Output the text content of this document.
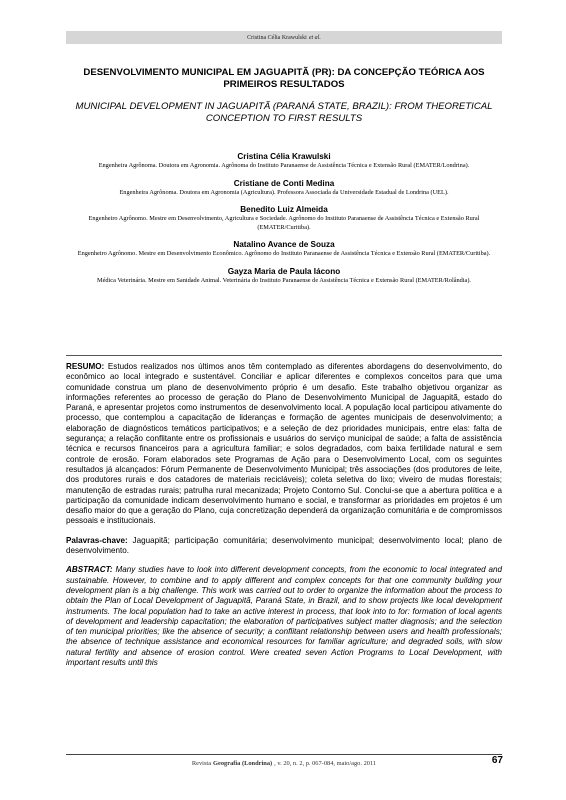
Cristina Célia Krawulski et al.
DESENVOLVIMENTO MUNICIPAL EM JAGUAPITÃ (PR): DA CONCEPÇÃO TEÓRICA AOS PRIMEIROS RESULTADOS
MUNICIPAL DEVELOPMENT IN JAGUAPITÃ (PARANÁ STATE, BRAZIL): FROM THEORETICAL CONCEPTION TO FIRST RESULTS
Cristina Célia Krawulski
Engenheira Agrônoma. Doutora em Agronomia. Agrônoma do Instituto Paranaense de Assistência Técnica e Extensão Rural (EMATER/Londrina).
Cristiane de Conti Medina
Engenheira Agrônoma. Doutora em Agronomia (Agricultura). Professora Associada da Universidade Estadual de Londrina (UEL).
Benedito Luiz Almeida
Engenheiro Agrônomo. Mestre em Desenvolvimento, Agricultura e Sociedade. Agrônomo do Instituto Paranaense de Assistência Técnica e Extensão Rural (EMATER/Curitiba).
Natalino Avance de Souza
Engenheiro Agrônomo. Mestre em Desenvolvimento Econômico. Agrônomo do Instituto Paranaense de Assistência Técnica e Extensão Rural (EMATER/Curitiba).
Gayza Maria de Paula Iácono
Médica Veterinária. Mestre em Sanidade Animal. Veterinária do Instituto Paranaense de Assistência Técnica e Extensão Rural (EMATER/Rolândia).

RESUMO: Estudos realizados nos últimos anos têm contemplado as diferentes abordagens do desenvolvimento, do econômico ao local integrado e sustentável. Conciliar e aplicar diferentes e complexos conceitos para que uma comunidade construa um plano de desenvolvimento próprio é um desafio. Este trabalho objetivou organizar as informações referentes ao processo de geração do Plano de Desenvolvimento Municipal de Jaguapitã, estado do Paraná, e apresentar projetos como instrumentos de desenvolvimento local. A população local participou ativamente do processo, que contemplou a capacitação de lideranças e formação de agentes municipais de desenvolvimento; a elaboração de diagnósticos temáticos participativos; e a seleção de dez prioridades municipais, entre elas: falta de segurança; a relação conflitante entre os profissionais e usuários do serviço municipal de saúde; a falta de assistência técnica e recursos financeiros para a agricultura familiar; e solos degradados, com baixa fertilidade natural e sem controle de erosão. Foram elaborados sete Programas de Ação para o Desenvolvimento Local, com os seguintes resultados já alcançados: Fórum Permanente de Desenvolvimento Municipal; três associações (dos produtores de leite, dos produtores rurais e dos catadores de materiais recicláveis); coleta seletiva do lixo; viveiro de mudas florestais; manutenção de estradas rurais; patrulha rural mecanizada; Projeto Contorno Sul. Conclui-se que a abertura política e a participação da comunidade indicam desenvolvimento humano e social, e transformar as prioridades em projetos é um desafio maior do que a geração do Plano, cuja concretização dependerá da organização comunitária e de compromissos pessoais e institucionais.

Palavras-chave: Jaguapitã; participação comunitária; desenvolvimento municipal; desenvolvimento local; plano de desenvolvimento.

ABSTRACT: Many studies have to look into different development concepts, from the economic to local integrated and sustainable. However, to combine and to apply different and complex concepts for that one community building your development plan is a big challenge. This work was carried out to order to organize the information about the process to obtain the Plan of Local Development of Jaguapitã, Paraná State, in Brazil, and to show projects like local development instruments. The local population had to take an active interest in process, that look into to for: formation of local agents of development and leadership capacitation; the elaboration of participatives subject matter diagnosis; and the selection of ten municipal priorities; like the absence of security; a conflitant relationship between users and health professionals; the absence of technique assistance and economical resources for familiar agriculture; and degraded soils, with slow natural fertility and absence of erosion control. Were created seven Action Programs to Local Development, with important results until this

Revista Geografia (Londrina) , v. 20, n. 2, p. 067-084, maio/ago. 2011	67
